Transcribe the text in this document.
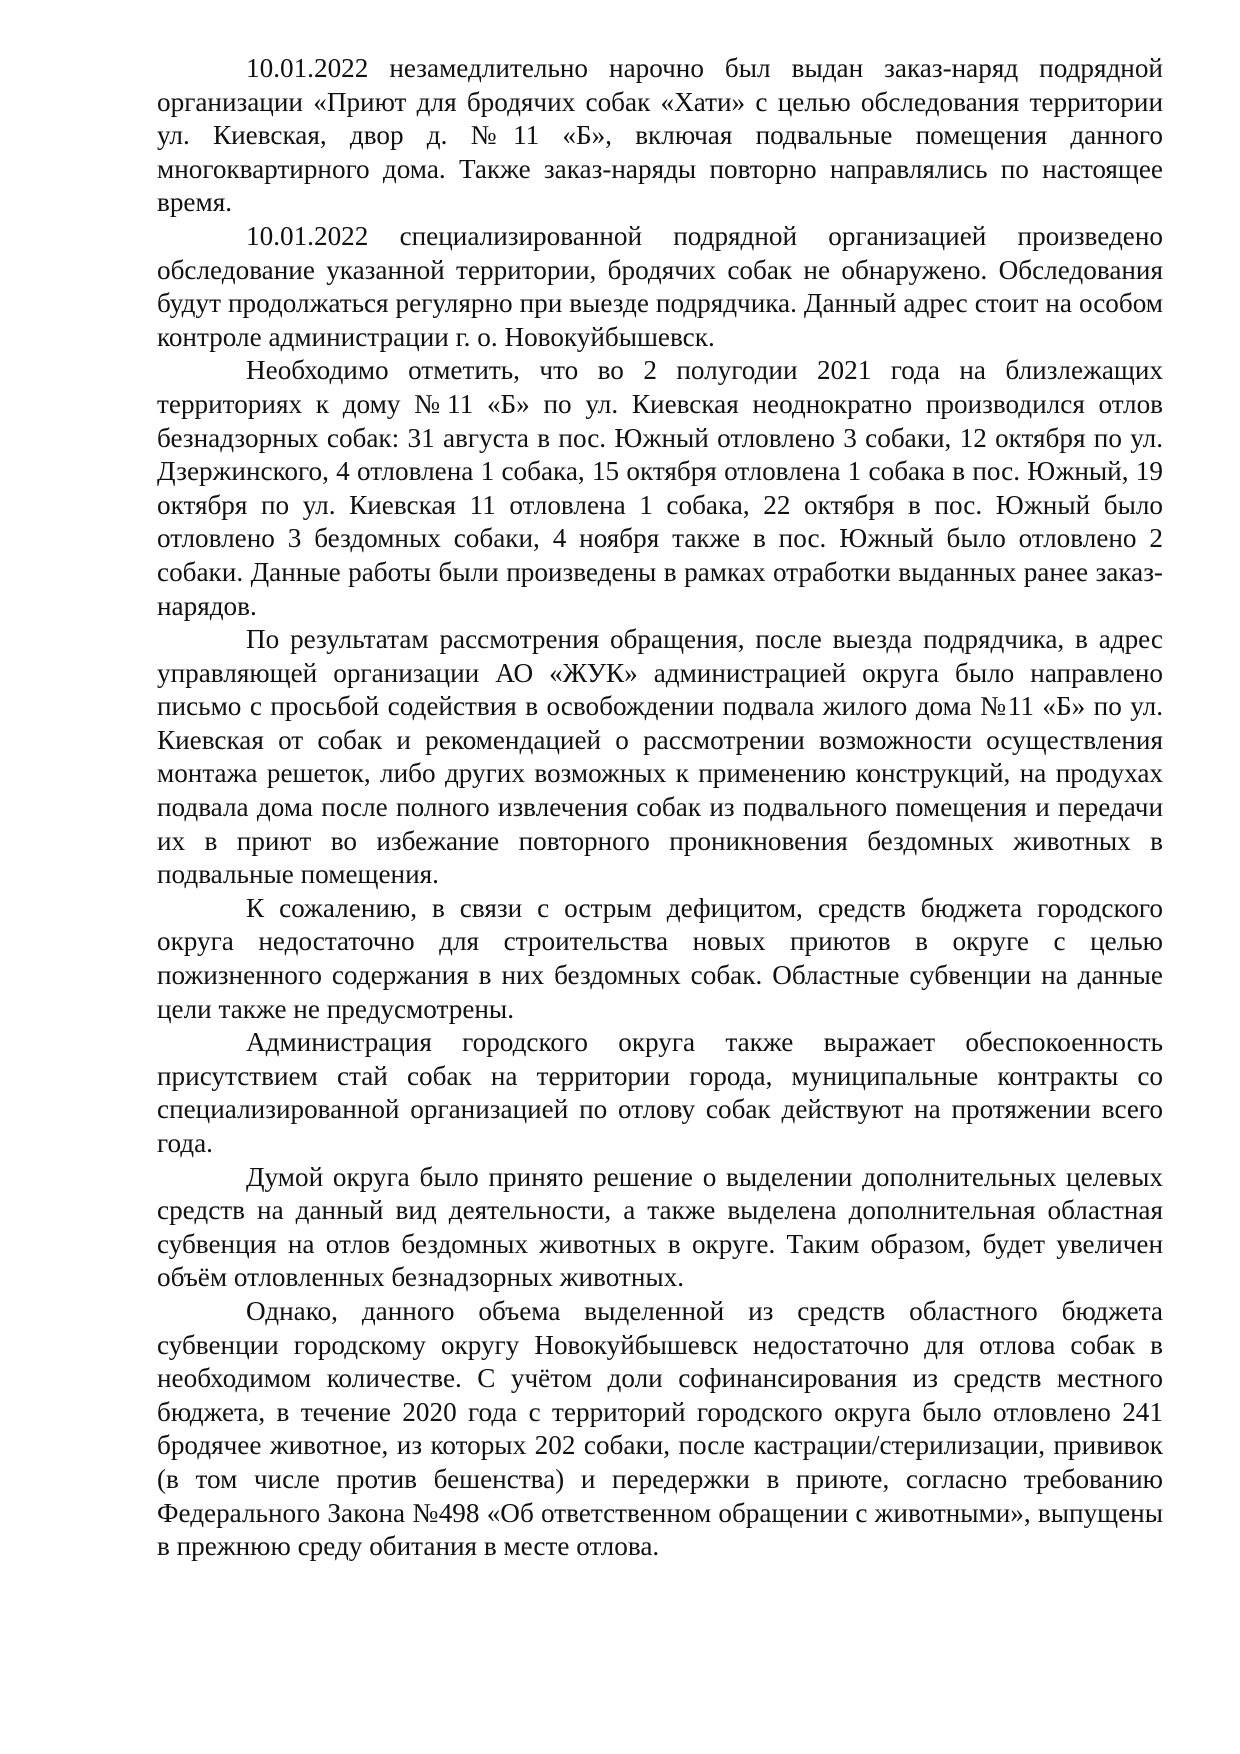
10.01.2022 незамедлительно нарочно был выдан заказ-наряд подрядной организации «Приют для бродячих собак «Хати» с целью обследования территории ул. Киевская, двор д. №11 «Б», включая подвальные помещения данного многоквартирного дома. Также заказ-наряды повторно направлялись по настоящее время.

10.01.2022 специализированной подрядной организацией произведено обследование указанной территории, бродячих собак не обнаружено. Обследования будут продолжаться регулярно при выезде подрядчика. Данный адрес стоит на особом контроле администрации г. о. Новокуйбышевск.

Необходимо отметить, что во 2 полугодии 2021 года на близлежащих территориях к дому №11 «Б» по ул. Киевская неоднократно производился отлов безнадзорных собак: 31 августа в пос. Южный отловлено 3 собаки, 12 октября по ул. Дзержинского, 4 отловлена 1 собака, 15 октября отловлена 1 собака в пос. Южный, 19 октября по ул. Киевская 11 отловлена 1 собака, 22 октября в пос. Южный было отловлено 3 бездомных собаки, 4 ноября также в пос. Южный было отловлено 2 собаки. Данные работы были произведены в рамках отработки выданных ранее заказ-нарядов.

По результатам рассмотрения обращения, после выезда подрядчика, в адрес управляющей организации АО «ЖУК» администрацией округа было направлено письмо с просьбой содействия в освобождении подвала жилого дома №11 «Б» по ул. Киевская от собак и рекомендацией о рассмотрении возможности осуществления монтажа решеток, либо других возможных к применению конструкций, на продухах подвала дома после полного извлечения собак из подвального помещения и передачи их в приют во избежание повторного проникновения бездомных животных в подвальные помещения.

К сожалению, в связи с острым дефицитом, средств бюджета городского округа недостаточно для строительства новых приютов в округе с целью пожизненного содержания в них бездомных собак. Областные субвенции на данные цели также не предусмотрены.

Администрация городского округа также выражает обеспокоенность присутствием стай собак на территории города, муниципальные контракты со специализированной организацией по отлову собак действуют на протяжении всего года.

Думой округа было принято решение о выделении дополнительных целевых средств на данный вид деятельности, а также выделена дополнительная областная субвенция на отлов бездомных животных в округе. Таким образом, будет увеличен объём отловленных безнадзорных животных.

Однако, данного объема выделенной из средств областного бюджета субвенции городскому округу Новокуйбышевск недостаточно для отлова собак в необходимом количестве. С учётом доли софинансирования из средств местного бюджета, в течение 2020 года с территорий городского округа было отловлено 241 бродячее животное, из которых 202 собаки, после кастрации/стерилизации, прививок (в том числе против бешенства) и передержки в приюте, согласно требованию Федерального Закона №498 «Об ответственном обращении с животными», выпущены в прежнюю среду обитания в месте отлова.
